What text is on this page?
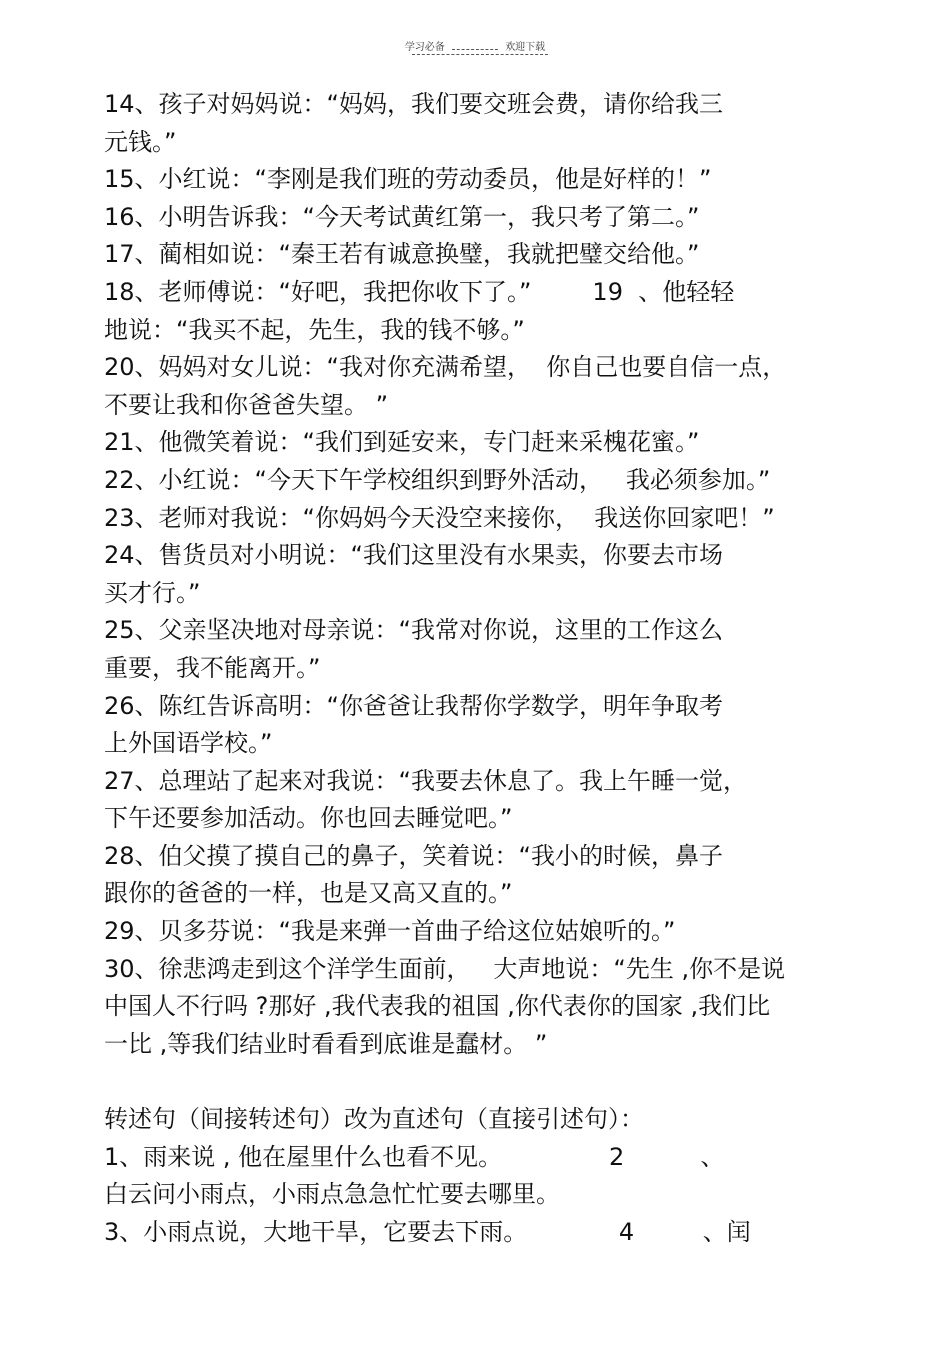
学习必备	欢迎下载
14、孩子对妈妈说：“妈妈，我们要交班会费，请你给我三
元钱。”
15、小红说：“李刚是我们班的劳动委员，他是好样的！”
16、小明告诉我：“今天考试黄红第一，我只考了第二。”
17、蔺相如说：“秦王若有诚意换璧，我就把璧交给他。”
18、老师傅说：“好吧，我把你收下了。”        19  、他轻轻
地说：“我买不起，先生，我的钱不够。”
20、妈妈对女儿说：“我对你充满希望，  你自己也要自信一点，
不要让我和你爸爸失望。 ”
21、他微笑着说：“我们到延安来，专门赶来采槐花蜜。”
22、小红说：“今天下午学校组织到野外活动，   我必须参加。”
23、老师对我说：“你妈妈今天没空来接你，  我送你回家吧！”
24、售货员对小明说：“我们这里没有水果卖，你要去市场
买才行。”
25、父亲坚决地对母亲说：“我常对你说，这里的工作这么
重要，我不能离开。”
26、陈红告诉高明：“你爸爸让我帮你学数学，明年争取考
上外国语学校。”
27、总理站了起来对我说：“我要去休息了。我上午睡一觉，
下午还要参加活动。你也回去睡觉吧。”
28、伯父摸了摸自己的鼻子，笑着说：“我小的时候，鼻子
跟你的爸爸的一样，也是又高又直的。”
29、贝多芬说：“我是来弹一首曲子给这位姑娘听的。”
30、徐悲鸿走到这个洋学生面前，   大声地说：“先生 ,你不是说
中国人不行吗 ?那好 ,我代表我的祖国 ,你代表你的国家 ,我们比
一比 ,等我们结业时看看到底谁是蠢材。 ”
转述句（间接转述句）改为直述句（直接引述句）：
1、雨来说 , 他在屋里什么也看不见。              2          、
白云问小雨点，小雨点急急忙忙要去哪里。
3、小雨点说，大地干旱，它要去下雨。            4         、闰
